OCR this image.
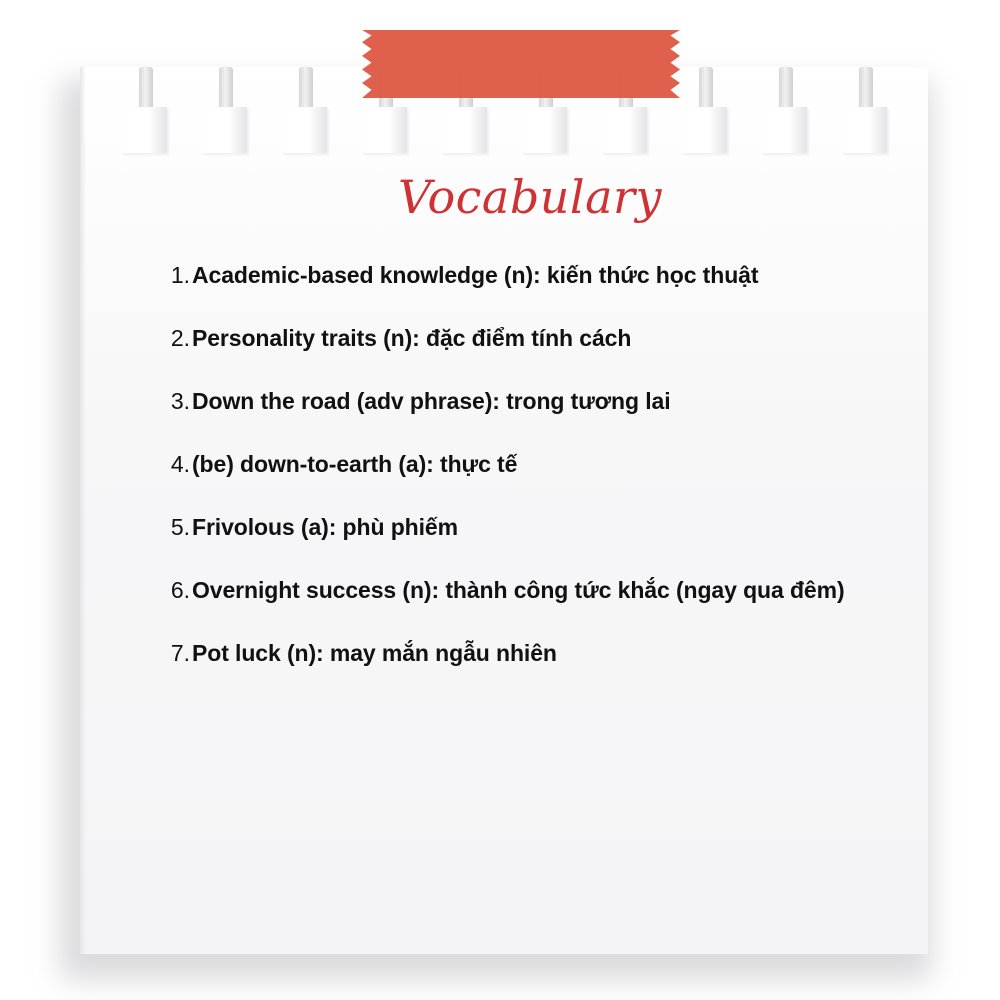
Vocabulary
1. Academic-based knowledge (n): kiến thức học thuật
2. Personality traits (n): đặc điểm tính cách
3. Down the road (adv phrase): trong tương lai
4. (be) down-to-earth (a): thực tế
5. Frivolous (a): phù phiếm
6. Overnight success (n): thành công tức khắc (ngay qua đêm)
7. Pot luck (n): may mắn ngẫu nhiên
